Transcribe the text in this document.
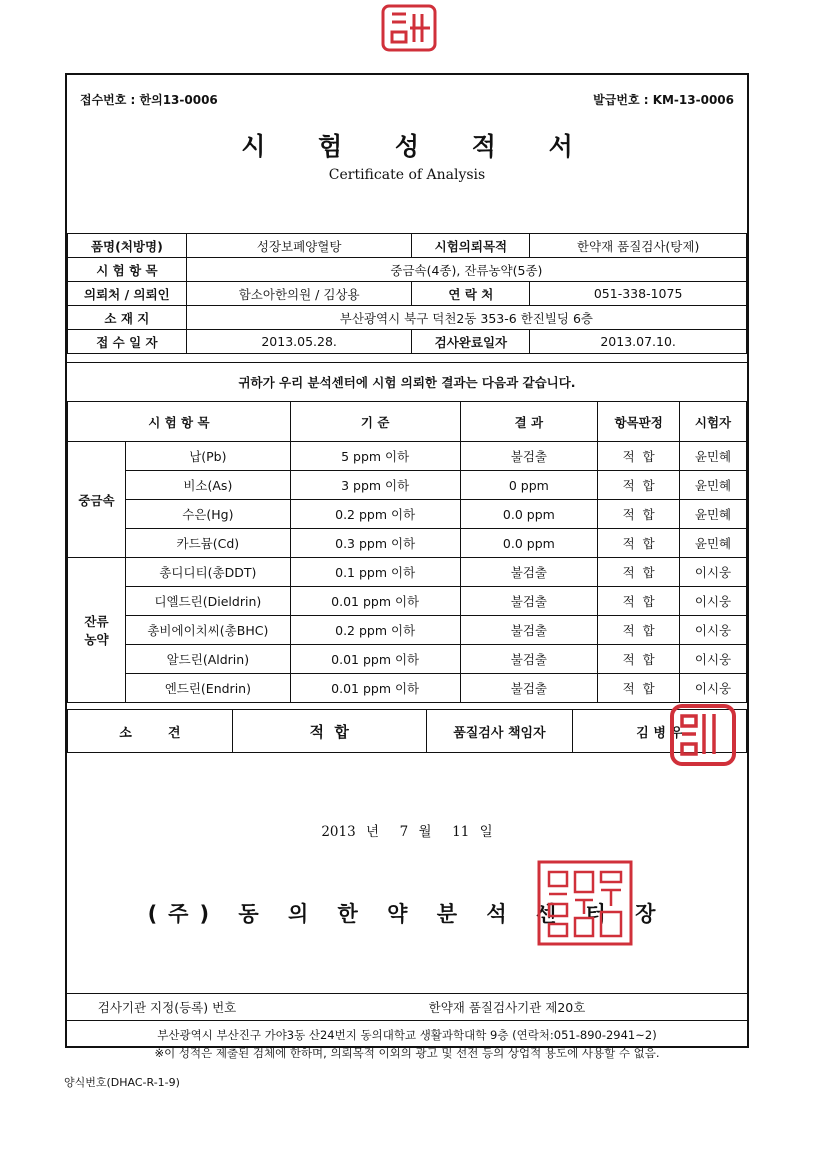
접수번호 : 한의13-0006	발급번호 : KM-13-0006
시 험 성 적 서
Certificate of Analysis
품명(처방명)	성장보폐양혈탕	시험의뢰목적	한약재 품질검사(탕제)
시 험 항 목	중금속(4종), 잔류농약(5종)		
의뢰처 / 의뢰인	함소아한의원 / 김상용	연 락 처	051-338-1075
소 재 지	부산광역시 북구 덕천2동 353-6 한진빌딩 6층		
접 수 일 자	2013.05.28.	검사완료일자	2013.07.10.
귀하가 우리 분석센터에 시험 의뢰한 결과는 다음과 같습니다.
시 험 항 목		기 준	결 과	항목판정	시험자
중금속	납(Pb)	5 ppm 이하	불검출	적  합	윤민혜
	비소(As)	3 ppm 이하	0 ppm	적  합	윤민혜
	수은(Hg)	0.2 ppm 이하	0.0 ppm	적  합	윤민혜
	카드뮴(Cd)	0.3 ppm 이하	0.0 ppm	적  합	윤민혜
잔류
농약	총디디티(총DDT)	0.1 ppm 이하	불검출	적  합	이시웅
	디엘드린(Dieldrin)	0.01 ppm 이하	불검출	적  합	이시웅
	총비에이치씨(총BHC)	0.2 ppm 이하	불검출	적  합	이시웅
	알드린(Aldrin)	0.01 ppm 이하	불검출	적  합	이시웅
	엔드린(Endrin)	0.01 ppm 이하	불검출	적  합	이시웅
소        견	적  합	품질검사 책임자	김 병 우
2013 년  7 월  11 일
(주) 동 의 한 약 분 석 센 터 장
검사기관 지정(등록) 번호	한약재 품질검사기관 제20호
부산광역시 부산진구 가야3동 산24번지 동의대학교 생활과학대학 9층 (연락처:051-890-2941~2)
※이 성적은 제출된 검체에 한하며, 의뢰목적 이외의 광고 및 선전 등의 상업적 용도에 사용할 수 없음.
양식번호(DHAC-R-1-9)
